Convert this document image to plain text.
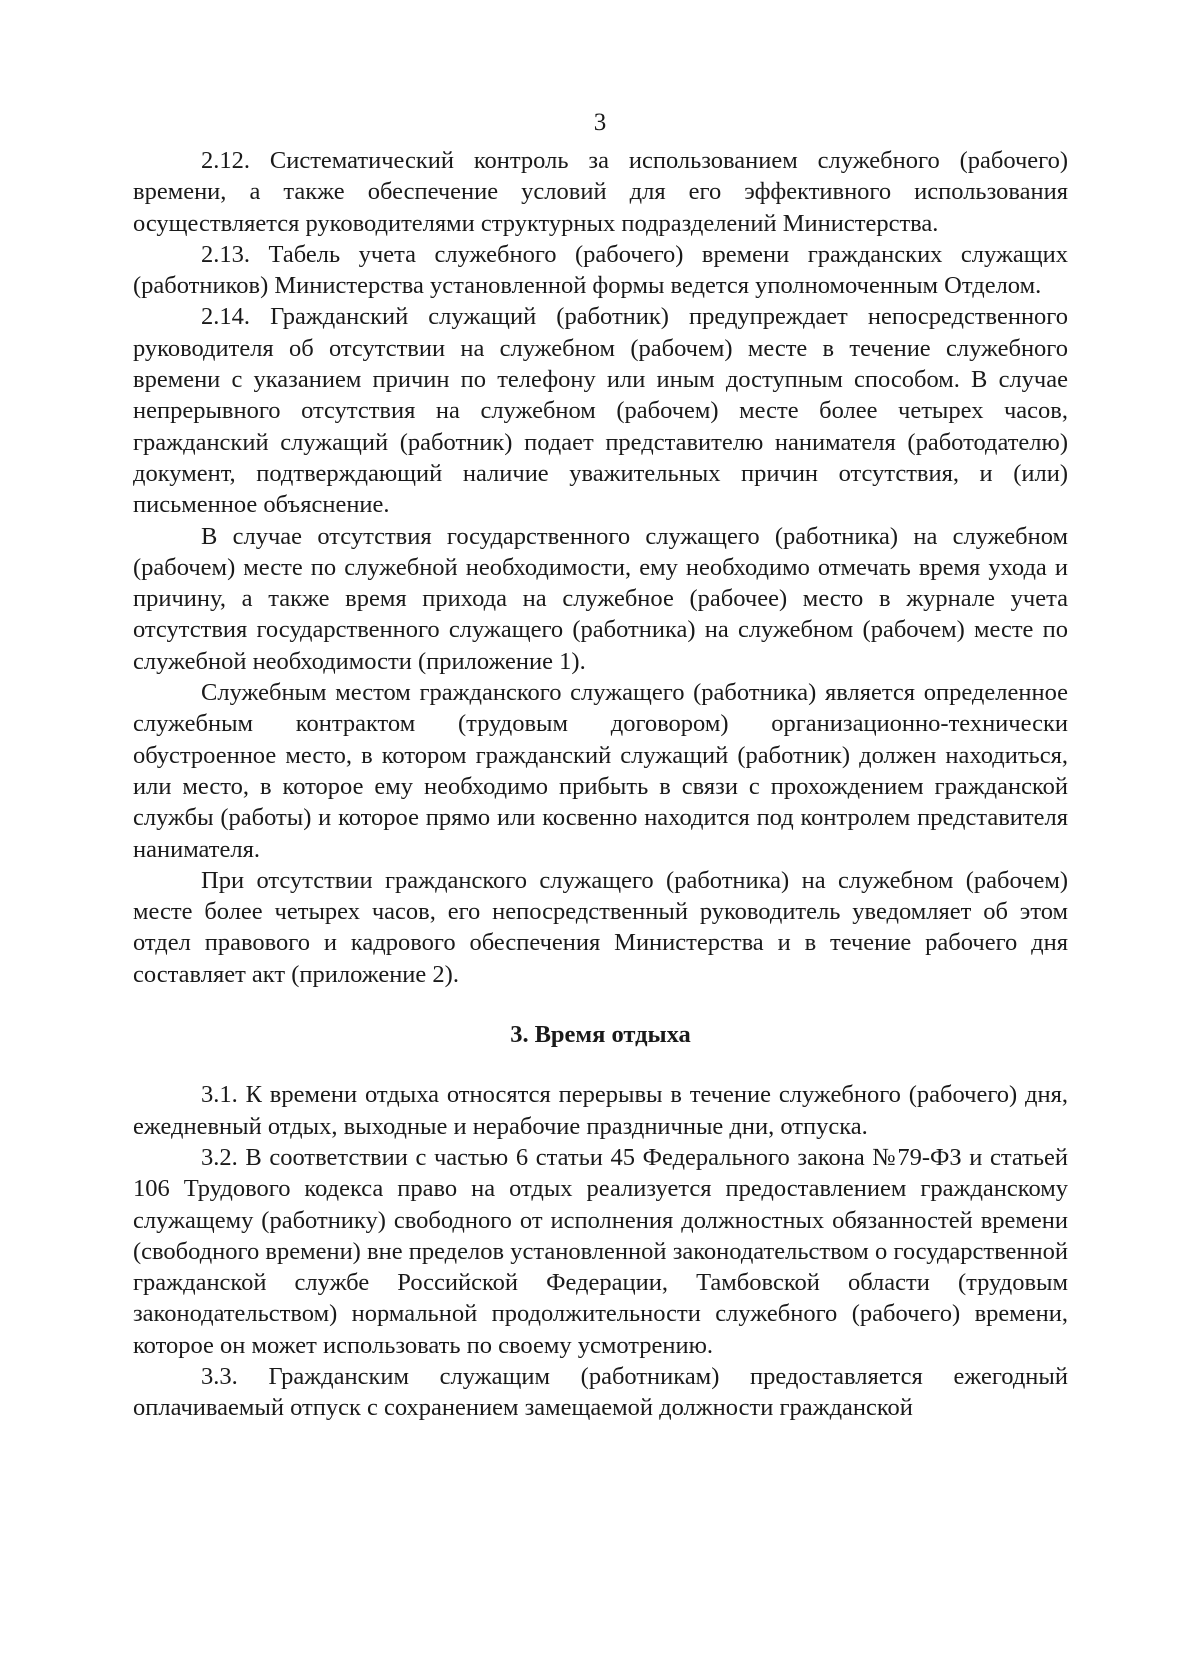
3

2.12. Систематический контроль за использованием служебного (рабочего) времени, а также обеспечение условий для его эффективного использования осуществляется руководителями структурных подразделений Министерства.

2.13. Табель учета служебного (рабочего) времени гражданских служащих (работников) Министерства установленной формы ведется уполномоченным Отделом.

2.14. Гражданский служащий (работник) предупреждает непосредственного руководителя об отсутствии на служебном (рабочем) месте в течение служебного времени с указанием причин по телефону или иным доступным способом. В случае непрерывного отсутствия на служебном (рабочем) месте более четырех часов, гражданский служащий (работник) подает представителю нанимателя (работодателю) документ, подтверждающий наличие уважительных причин отсутствия, и (или) письменное объяснение.

В случае отсутствия государственного служащего (работника) на служебном (рабочем) месте по служебной необходимости, ему необходимо отмечать время ухода и причину, а также время прихода на служебное (рабочее) место в журнале учета отсутствия государственного служащего (работника) на служебном (рабочем) месте по служебной необходимости (приложение 1).

Служебным местом гражданского служащего (работника) является определенное служебным контрактом (трудовым договором) организационно-технически обустроенное место, в котором гражданский служащий (работник) должен находиться, или место, в которое ему необходимо прибыть в связи с прохождением гражданской службы (работы) и которое прямо или косвенно находится под контролем представителя нанимателя.

При отсутствии гражданского служащего (работника) на служебном (рабочем) месте более четырех часов, его непосредственный руководитель уведомляет об этом отдел правового и кадрового обеспечения Министерства и в течение рабочего дня составляет акт (приложение 2).

3. Время отдыха

3.1. К времени отдыха относятся перерывы в течение служебного (рабочего) дня, ежедневный отдых, выходные и нерабочие праздничные дни, отпуска.

3.2. В соответствии с частью 6 статьи 45 Федерального закона №79-ФЗ и статьей 106 Трудового кодекса право на отдых реализуется предоставлением гражданскому служащему (работнику) свободного от исполнения должностных обязанностей времени (свободного времени) вне пределов установленной законодательством о государственной гражданской службе Российской Федерации, Тамбовской области (трудовым законодательством) нормальной продолжительности служебного (рабочего) времени, которое он может использовать по своему усмотрению.

3.3. Гражданским служащим (работникам) предоставляется ежегодный оплачиваемый отпуск с сохранением замещаемой должности гражданской
